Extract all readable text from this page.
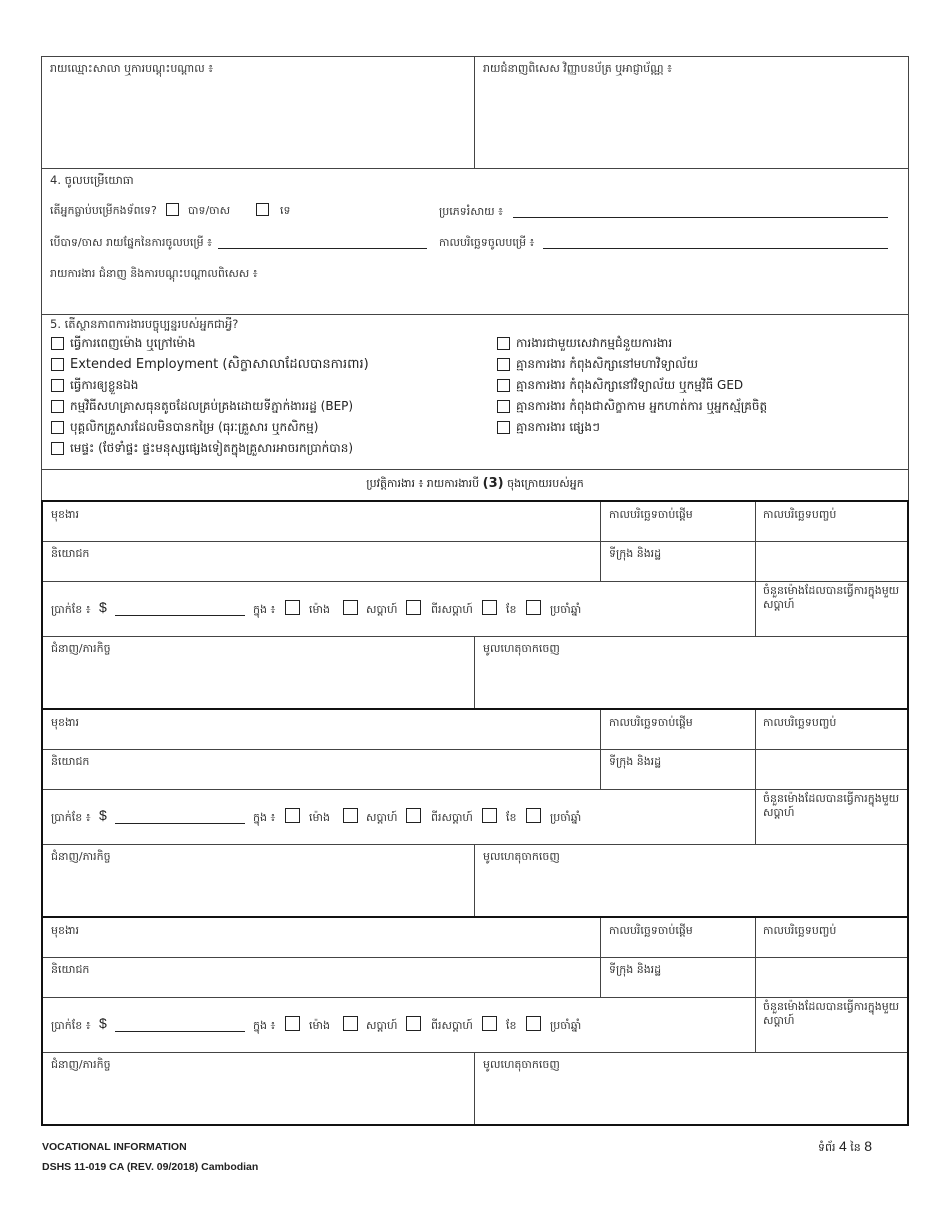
រាយឈ្មោះសាលា ឬការបណ្តុះបណ្តាល ៖	រាយជំនាញពិសេស វិញ្ញាបនប័ត្រ ឬអាជ្ញាប័ណ្ណ ៖
4. ចូលបម្រើយោធា
តើអ្នកធ្លាប់បម្រើកងទ័ពទេ?	បាទ/ចាស	ទេ	ប្រភេទរំសាយ ៖
បើបាទ/ចាស រាយផ្នែកនៃការចូលបម្រើ ៖	កាលបរិច្ឆេទចូលបម្រើ ៖
រាយការងារ ជំនាញ និងការបណ្តុះបណ្តាលពិសេស ៖
5. តើស្ថានភាពការងារបច្ចុប្បន្នរបស់អ្នកជាអ្វី?
ធ្វើការពេញម៉ោង ឬក្រៅម៉ោង
Extended Employment (សិក្ខាសាលាដែលបានការពារ)
ធ្វើការឲ្យខ្លួនឯង
កម្មវិធីសហគ្រាសធុនតូចដែលគ្រប់គ្រងដោយទីភ្នាក់ងាររដ្ឋ (BEP)
បុគ្គលិកគ្រួសារដែលមិនបានកម្រៃ (ធុរៈគ្រួសារ ឬកសិកម្ម)
មេផ្ទះ (ថែទាំផ្ទះ ផ្ទះមនុស្សផ្សេងទៀតក្នុងគ្រួសារអាចរកប្រាក់បាន)
ការងារជាមួយសេវាកម្មជំនួយការងារ
គ្មានការងារ កំពុងសិក្សានៅមហាវិទ្យាល័យ
គ្មានការងារ កំពុងសិក្សានៅវិទ្យាល័យ ឬកម្មវិធី GED
គ្មានការងារ កំពុងជាសិក្ខាកាម អ្នកហាត់ការ ឬអ្នកស្ម័គ្រចិត្ត
គ្មានការងារ ផ្សេងៗ
ប្រវត្តិការងារ ៖ រាយការងារបី (3) ចុងក្រោយរបស់អ្នក
មុខងារ	កាលបរិច្ឆេទចាប់ផ្តើម	កាលបរិច្ឆេទបញ្ចប់
និយោជក	ទីក្រុង និងរដ្ឋ
ប្រាក់ខែ ៖ $	ក្នុង ៖	ម៉ោង	សប្តាហ៍	ពីរសប្តាហ៍	ខែ	ប្រចាំឆ្នាំ
ចំនួនម៉ោងដែលបានធ្វើការក្នុងមួយសប្តាហ៍
ជំនាញ/ភារកិច្ច	មូលហេតុចាកចេញ
មុខងារ	កាលបរិច្ឆេទចាប់ផ្តើម	កាលបរិច្ឆេទបញ្ចប់
និយោជក	ទីក្រុង និងរដ្ឋ
ប្រាក់ខែ ៖ $	ក្នុង ៖	ម៉ោង	សប្តាហ៍	ពីរសប្តាហ៍	ខែ	ប្រចាំឆ្នាំ
ចំនួនម៉ោងដែលបានធ្វើការក្នុងមួយសប្តាហ៍
ជំនាញ/ភារកិច្ច	មូលហេតុចាកចេញ
មុខងារ	កាលបរិច្ឆេទចាប់ផ្តើម	កាលបរិច្ឆេទបញ្ចប់
និយោជក	ទីក្រុង និងរដ្ឋ
ប្រាក់ខែ ៖ $	ក្នុង ៖	ម៉ោង	សប្តាហ៍	ពីរសប្តាហ៍	ខែ	ប្រចាំឆ្នាំ
ចំនួនម៉ោងដែលបានធ្វើការក្នុងមួយសប្តាហ៍
ជំនាញ/ភារកិច្ច	មូលហេតុចាកចេញ
VOCATIONAL INFORMATION
DSHS 11-019 CA (REV. 09/2018) Cambodian
ទំព័រ 4 នៃ 8
